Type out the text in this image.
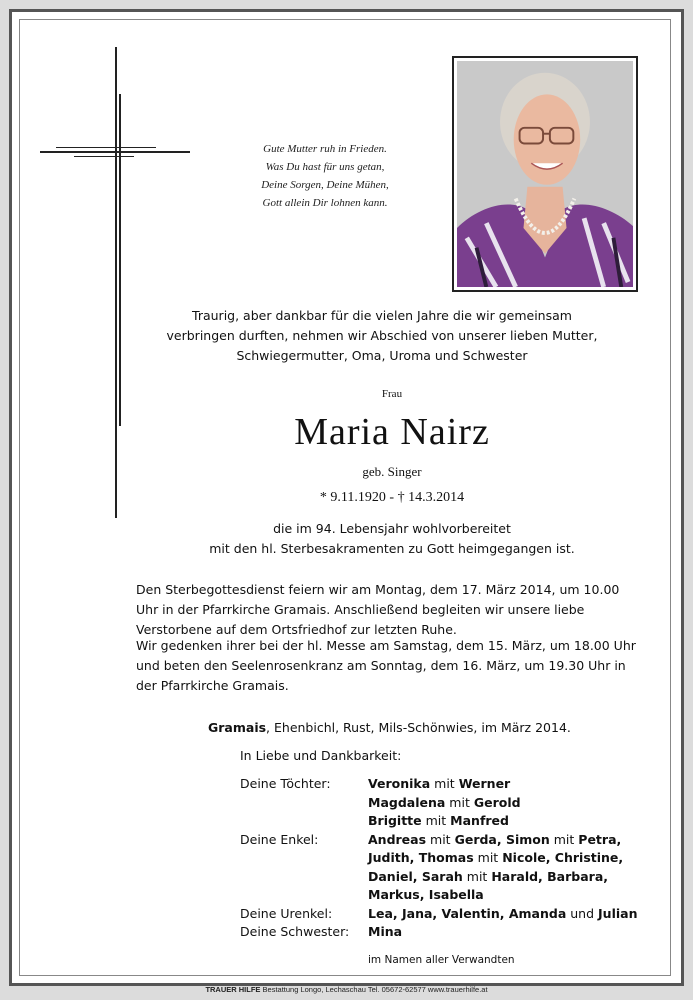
Gute Mutter ruh in Frieden.
Was Du hast für uns getan,
Deine Sorgen, Deine Mühen,
Gott allein Dir lohnen kann.
Traurig, aber dankbar für die vielen Jahre die wir gemeinsam
verbringen durften, nehmen wir Abschied von unserer lieben Mutter,
Schwiegermutter, Oma, Uroma und Schwester
Frau
Maria Nairz
geb. Singer
* 9.11.1920 - † 14.3.2014
die im 94. Lebensjahr wohlvorbereitet
mit den hl. Sterbesakramenten zu Gott heimgegangen ist.
Den Sterbegottesdienst feiern wir am Montag, dem 17. März 2014, um 10.00
Uhr in der Pfarrkirche Gramais. Anschließend begleiten wir unsere liebe
Verstorbene auf dem Ortsfriedhof zur letzten Ruhe.
Wir gedenken ihrer bei der hl. Messe am Samstag, dem 15. März, um 18.00 Uhr
und beten den Seelenrosenkranz am Sonntag, dem 16. März, um 19.30 Uhr in
der Pfarrkirche Gramais.
Gramais, Ehenbichl, Rust, Mils-Schönwies, im März 2014.
In Liebe und Dankbarkeit:
Deine Töchter:	Veronika mit Werner
Magdalena mit Gerold
Brigitte mit Manfred
Deine Enkel:	Andreas mit Gerda, Simon mit Petra,
Judith, Thomas mit Nicole, Christine,
Daniel, Sarah mit Harald, Barbara,
Markus, Isabella
Deine Urenkel:	Lea, Jana, Valentin, Amanda und Julian
Deine Schwester: Mina
im Namen aller Verwandten
TRAUER HILFE Bestattung Longo, Lechaschau Tel. 05672-62577 www.trauerhilfe.at
